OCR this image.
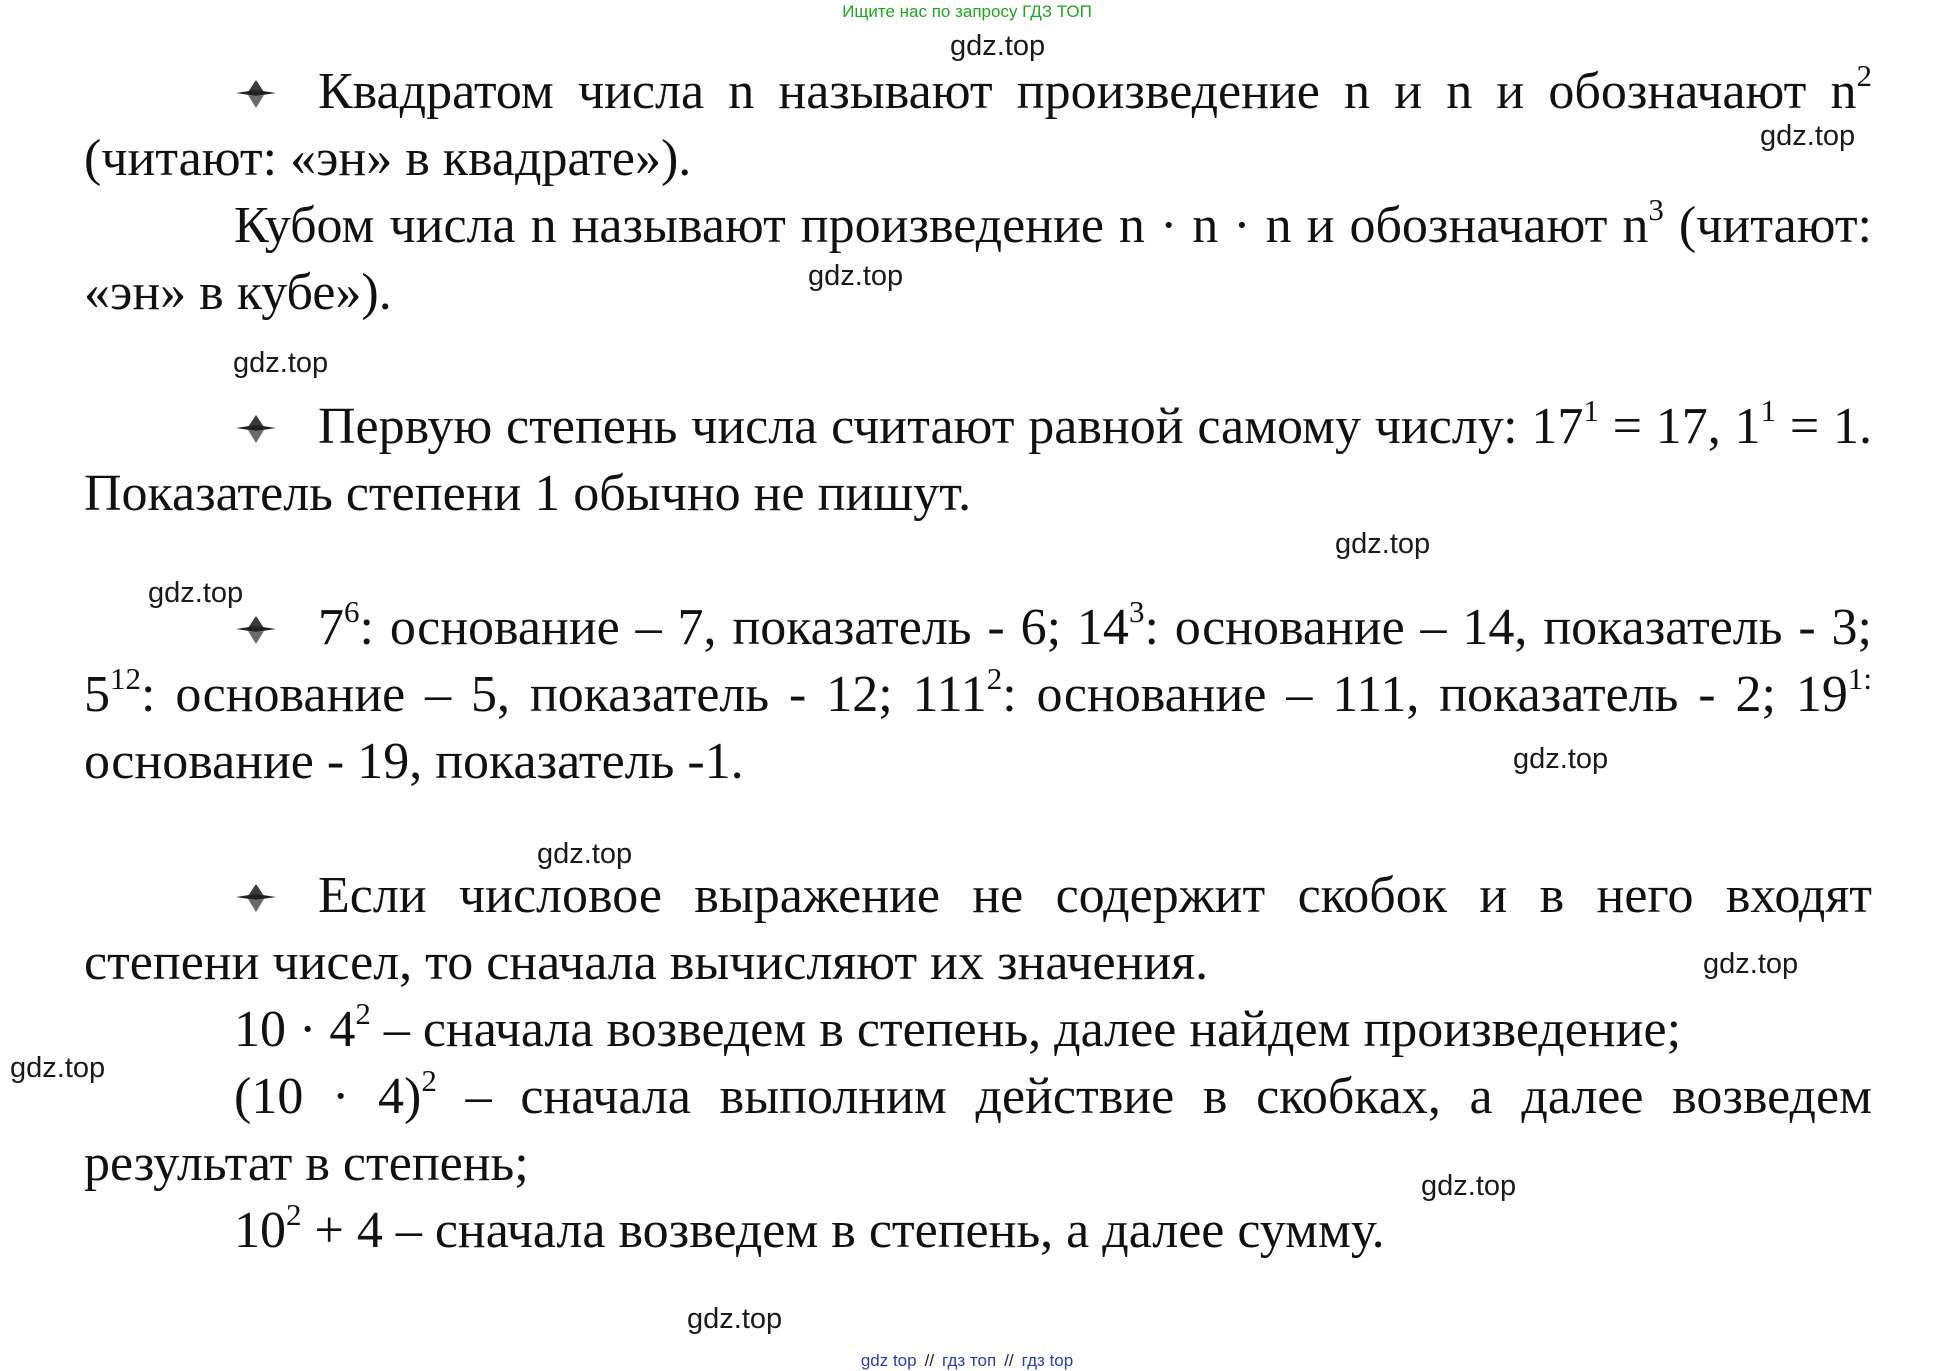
Ищите нас по запросу ГДЗ ТОП
gdz.top
gdz.top
gdz.top
gdz.top
gdz.top
gdz.top
gdz.top
gdz.top
gdz.top
gdz.top
gdz.top
gdz.top

Квадратом числа n называют произведение n и n и обозначают $n^2$ (читают: «эн» в квадрате»).

Кубом числа n называют произведение n · n · n и обозначают $n^3$ (читают: «эн» в кубе»).

Первую степень числа считают равной самому числу: $17^1 = 17$, $1^1 = 1$. Показатель степени 1 обычно не пишут.

$7^6$: основание – 7, показатель - 6; $14^3$: основание – 14, показатель - 3; $5^{12}$: основание – 5, показатель - 12; $111^2$: основание – 111, показатель - 2; $19^{1:}$ основание - 19, показатель -1.

Если числовое выражение не содержит скобок и в него входят степени чисел, то сначала вычисляют их значения.

$10 \cdot 4^2$ – сначала возведем в степень, далее найдем произведение;

$(10 \cdot 4)^2$ – сначала выполним действие в скобках, а далее возведем результат в степень;

$10^2 + 4$ – сначала возведем в степень, а далее сумму.

gdz top // гдз топ // гдз top
